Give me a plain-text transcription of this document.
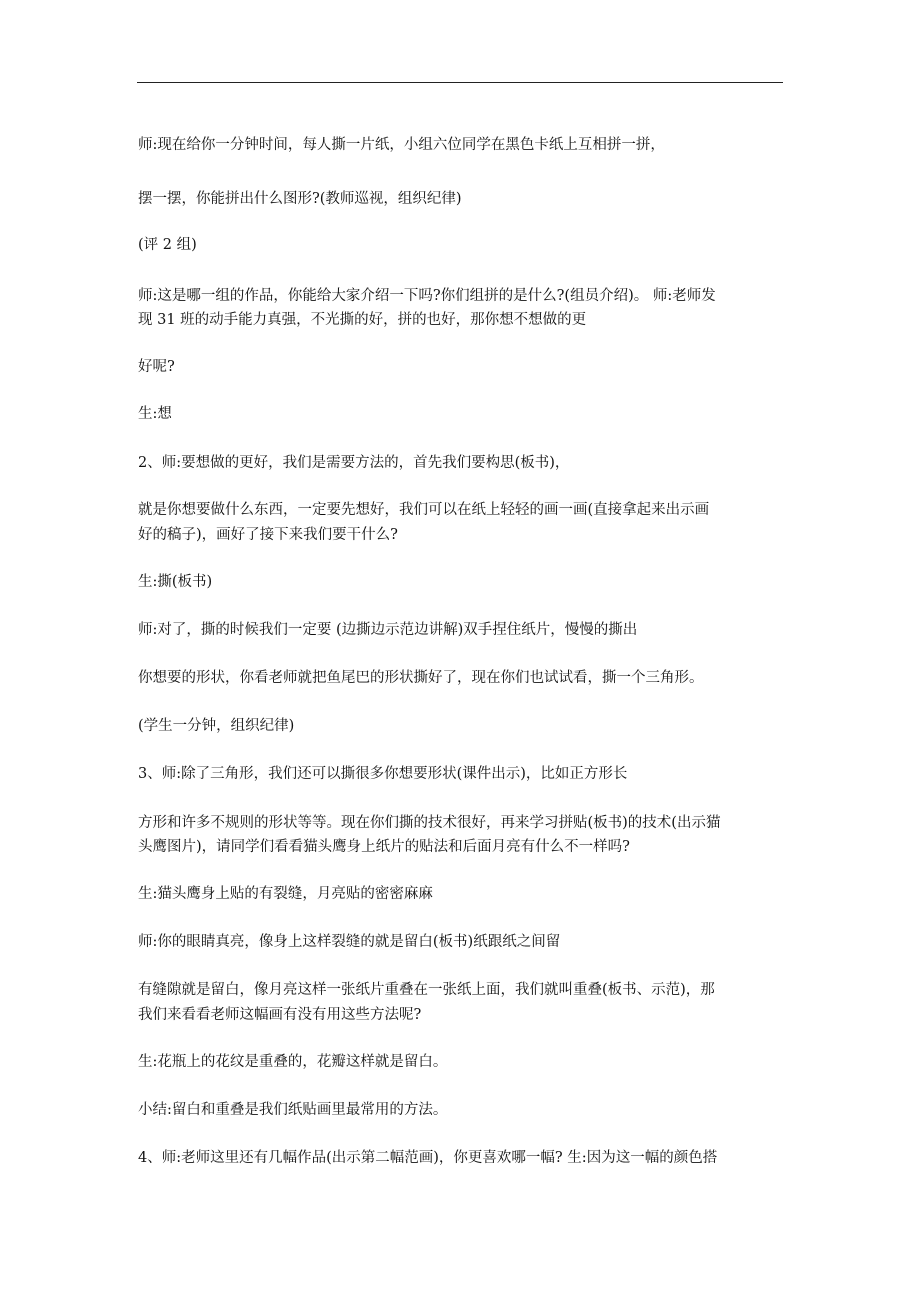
师:现在给你一分钟时间，每人撕一片纸，小组六位同学在黑色卡纸上互相拼一拼，

摆一摆，你能拼出什么图形?(教师巡视，组织纪律)

(评 2 组)

师:这是哪一组的作品，你能给大家介绍一下吗?你们组拼的是什么?(组员介绍)。 师:老师发

现 31 班的动手能力真强，不光撕的好，拼的也好，那你想不想做的更

好呢?

生:想

2、师:要想做的更好，我们是需要方法的，首先我们要构思(板书)，

就是你想要做什么东西，一定要先想好，我们可以在纸上轻轻的画一画(直接拿起来出示画

好的稿子)，画好了接下来我们要干什么?

生:撕(板书)

师:对了，撕的时候我们一定要 (边撕边示范边讲解)双手捏住纸片，慢慢的撕出

你想要的形状，你看老师就把鱼尾巴的形状撕好了，现在你们也试试看，撕一个三角形。

(学生一分钟，组织纪律)

3、师:除了三角形，我们还可以撕很多你想要形状(课件出示)，比如正方形长

方形和许多不规则的形状等等。现在你们撕的技术很好，再来学习拼贴(板书)的技术(出示猫

头鹰图片)，请同学们看看猫头鹰身上纸片的贴法和后面月亮有什么不一样吗?

生:猫头鹰身上贴的有裂缝，月亮贴的密密麻麻

师:你的眼睛真亮，像身上这样裂缝的就是留白(板书)纸跟纸之间留

有缝隙就是留白，像月亮这样一张纸片重叠在一张纸上面，我们就叫重叠(板书、示范)，那

我们来看看老师这幅画有没有用这些方法呢?

生:花瓶上的花纹是重叠的，花瓣这样就是留白。

小结:留白和重叠是我们纸贴画里最常用的方法。

4、师:老师这里还有几幅作品(出示第二幅范画)，你更喜欢哪一幅? 生:因为这一幅的颜色搭
